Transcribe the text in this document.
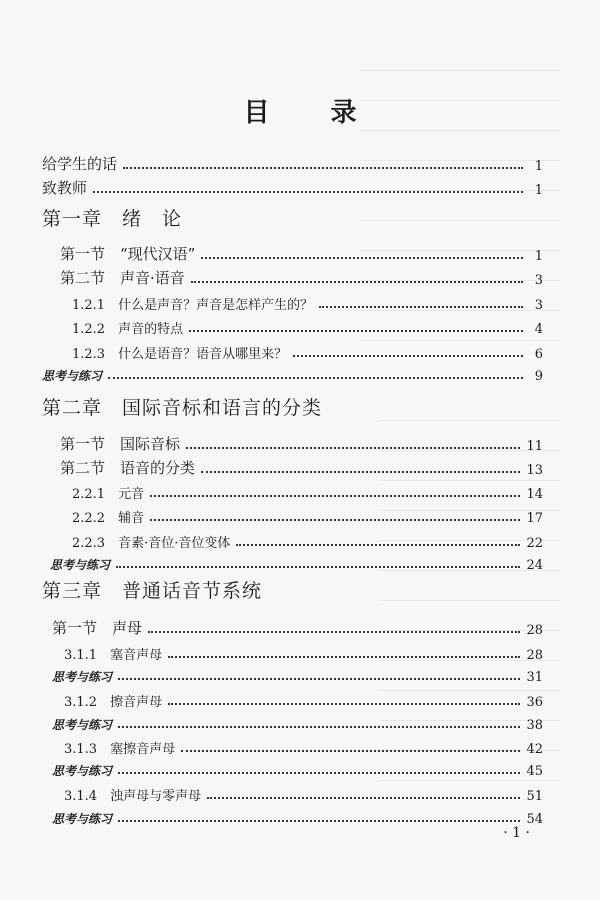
目 录
给学生的话	1
致教师	1
第一章　绪　论
第一节　“现代汉语”	1
第二节　声音·语音	3
1.2.1　什么是声音？声音是怎样产生的？	3
1.2.2　声音的特点	4
1.2.3　什么是语音？语音从哪里来？	6
思考与练习	9
第二章　国际音标和语言的分类
第一节　国际音标	11
第二节　语音的分类	13
2.2.1　元音	14
2.2.2　辅音	17
2.2.3　音素·音位·音位变体	22
思考与练习	24
第三章　普通话音节系统
第一节　声母	28
3.1.1　塞音声母	28
思考与练习	31
3.1.2　擦音声母	36
思考与练习	38
3.1.3　塞擦音声母	42
思考与练习	45
3.1.4　浊声母与零声母	51
思考与练习	54
· 1 ·
